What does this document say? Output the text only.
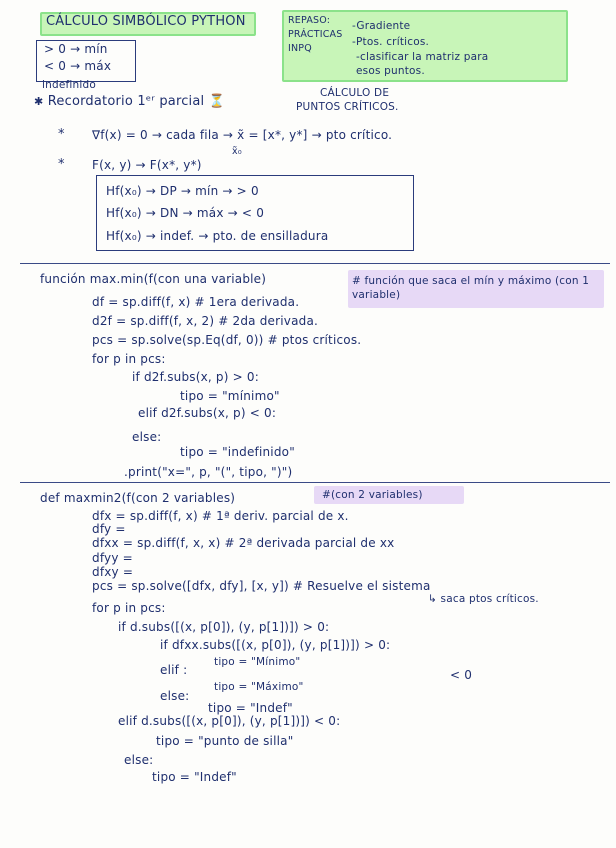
CÁLCULO SIMBÓLICO PYTHON
> 0 → mín
< 0 → máx
indefinido
REPASO:
PRÁCTICAS
INPQ
-Gradiente
-Ptos. críticos.
-clasificar la matriz para
esos puntos.
✱ Recordatorio 1ᵉʳ parcial ⏳
CÁLCULO DE
PUNTOS CRÍTICOS.
* ∇f(x) = 0 → cada fila → x̃ = [x*, y*] → pto crítico.
x̃₀
* F(x, y) → F(x*, y*)
Hf(x₀) → DP → mín → > 0
Hf(x₀) → DN → máx → < 0
Hf(x₀) → indef. → pto. de ensilladura
función max.min(f(con una variable)	# función que saca el mín y máximo (con 1 variable)
df = sp.diff(f, x) # 1era derivada.
d2f = sp.diff(f, x, 2) # 2da derivada.
pcs = sp.solve(sp.Eq(df, 0)) # ptos críticos.
for p in pcs:
if d2f.subs(x, p) > 0:
tipo = "mínimo"
elif d2f.subs(x, p) < 0:
else:
tipo = "indefinido"
.print("x=", p, "(", tipo, ")")
def maxmin2(f(con 2 variables)	#(con 2 variables)
dfx = sp.diff(f, x) # 1ª deriv. parcial de x.
dfy =
dfxx = sp.diff(f, x, x) # 2ª derivada parcial de xx
dfyy =
dfxy =
pcs = sp.solve([dfx, dfy], [x, y]) # Resuelve el sistema
↳ saca ptos críticos.
for p in pcs:
if d.subs([(x, p[0]), (y, p[1])]) > 0:
if dfxx.subs([(x, p[0]), (y, p[1])]) > 0:
elif :
tipo = "Mínimo"
tipo = "Máximo"
< 0
else:
tipo = "Indef"
elif d.subs([(x, p[0]), (y, p[1])]) < 0:
tipo = "punto de silla"
else:
tipo = "Indef"
